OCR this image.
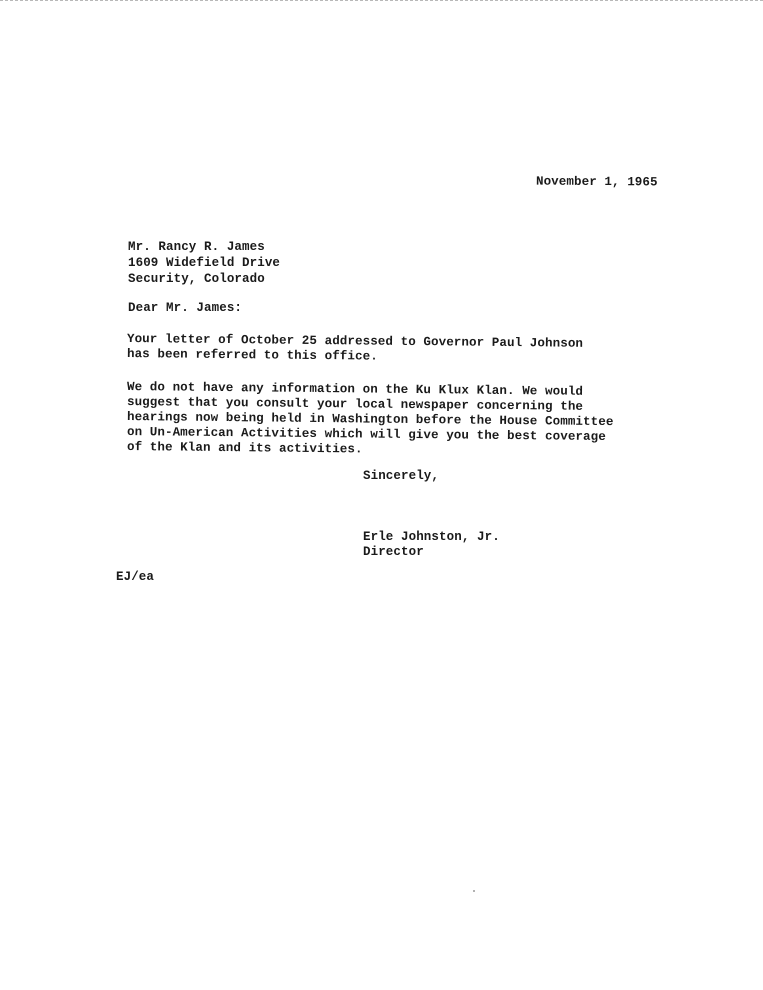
November 1, 1965
Mr. Rancy R. James
1609 Widefield Drive
Security, Colorado
Dear Mr. James:
Your letter of October 25 addressed to Governor Paul Johnson
has been referred to this office.
We do not have any information on the Ku Klux Klan. We would
suggest that you consult your local newspaper concerning the
hearings now being held in Washington before the House Committee
on Un-American Activities which will give you the best coverage
of the Klan and its activities.
Sincerely,
Erle Johnston, Jr.
Director
EJ/ea
